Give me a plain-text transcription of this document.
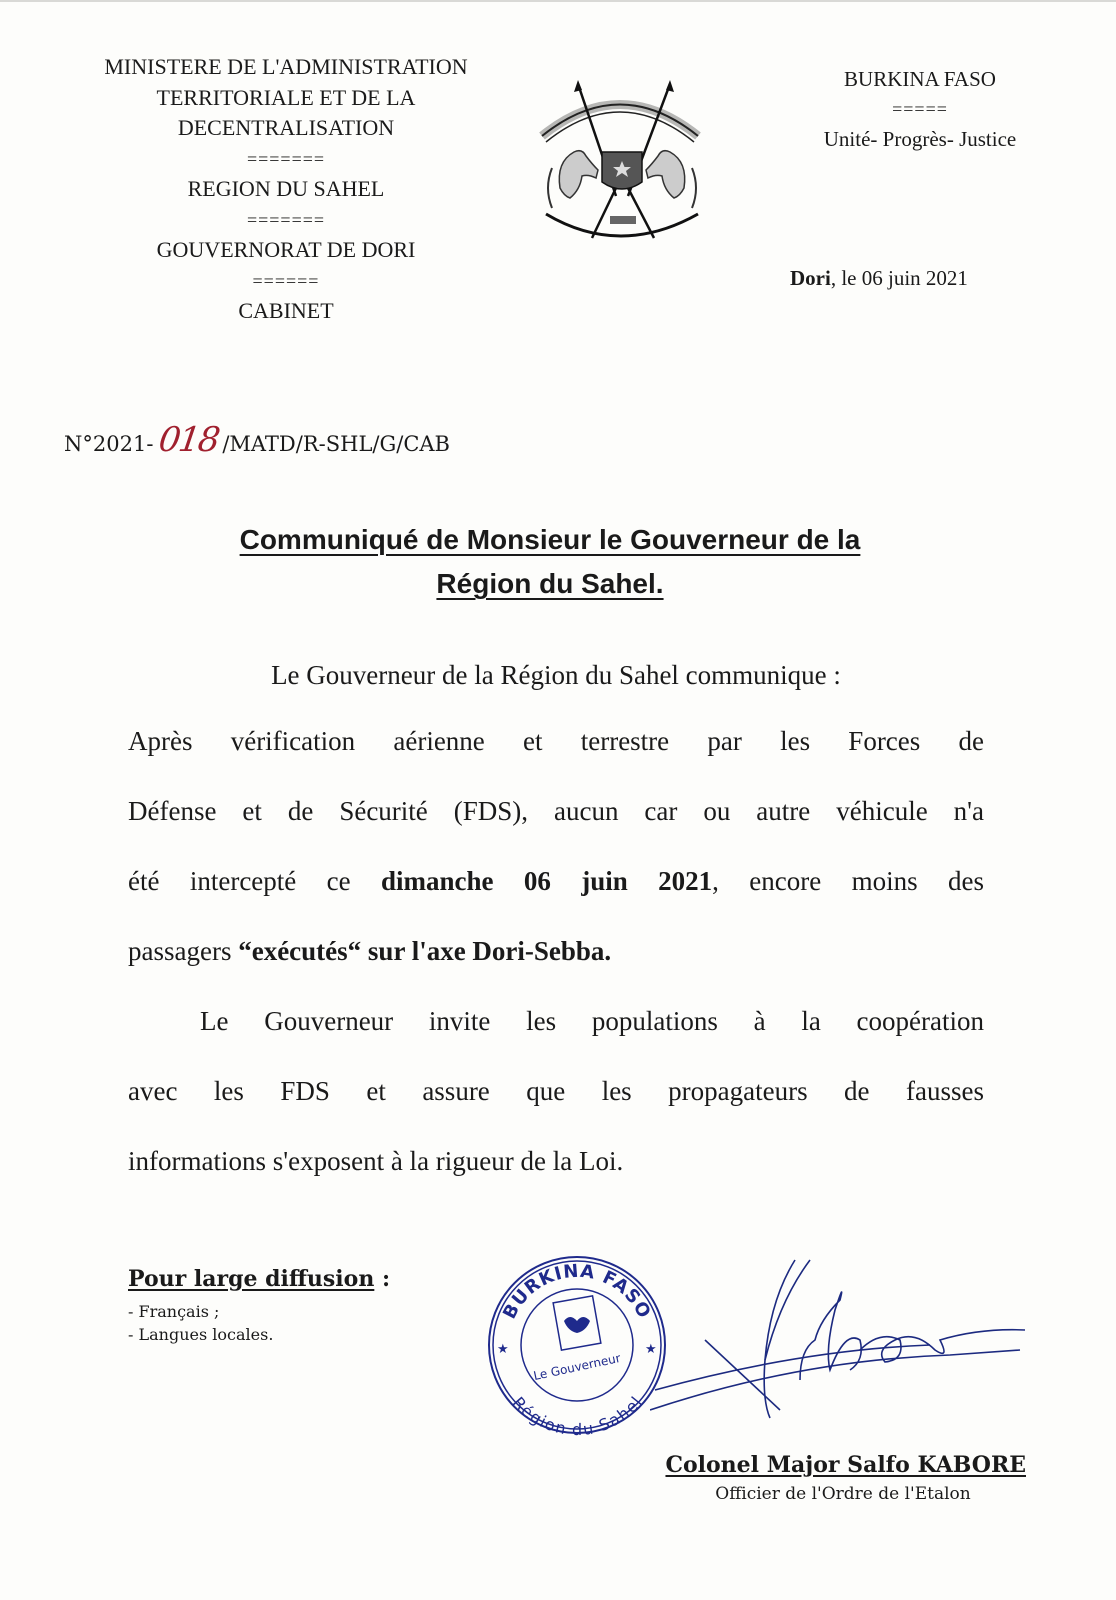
MINISTERE DE L'ADMINISTRATION
TERRITORIALE ET DE LA
DECENTRALISATION
=======
REGION DU SAHEL
=======
GOUVERNORAT DE DORI
======
CABINET
BURKINA FASO
=====
Unité- Progrès- Justice
Dori, le 06 juin 2021
N°2021- 018 /MATD/R-SHL/G/CAB
Communiqué de Monsieur le Gouverneur de la
Région du Sahel.
Le Gouverneur de la Région du Sahel communique :
Après vérification aérienne et terrestre par les Forces de
Défense et de Sécurité (FDS), aucun car ou autre véhicule n'a
été intercepté ce dimanche 06 juin 2021, encore moins des
passagers “exécutés“ sur l'axe Dori-Sebba.
Le Gouverneur invite les populations à la coopération
avec les FDS et assure que les propagateurs de fausses
informations s'exposent à la rigueur de la Loi.
Pour large diffusion :
- Français ;
- Langues locales.
BURKINA FASO
Région du Sahel
★	★
Le Gouverneur
Colonel Major Salfo KABORE
Officier de l'Ordre de l'Etalon
